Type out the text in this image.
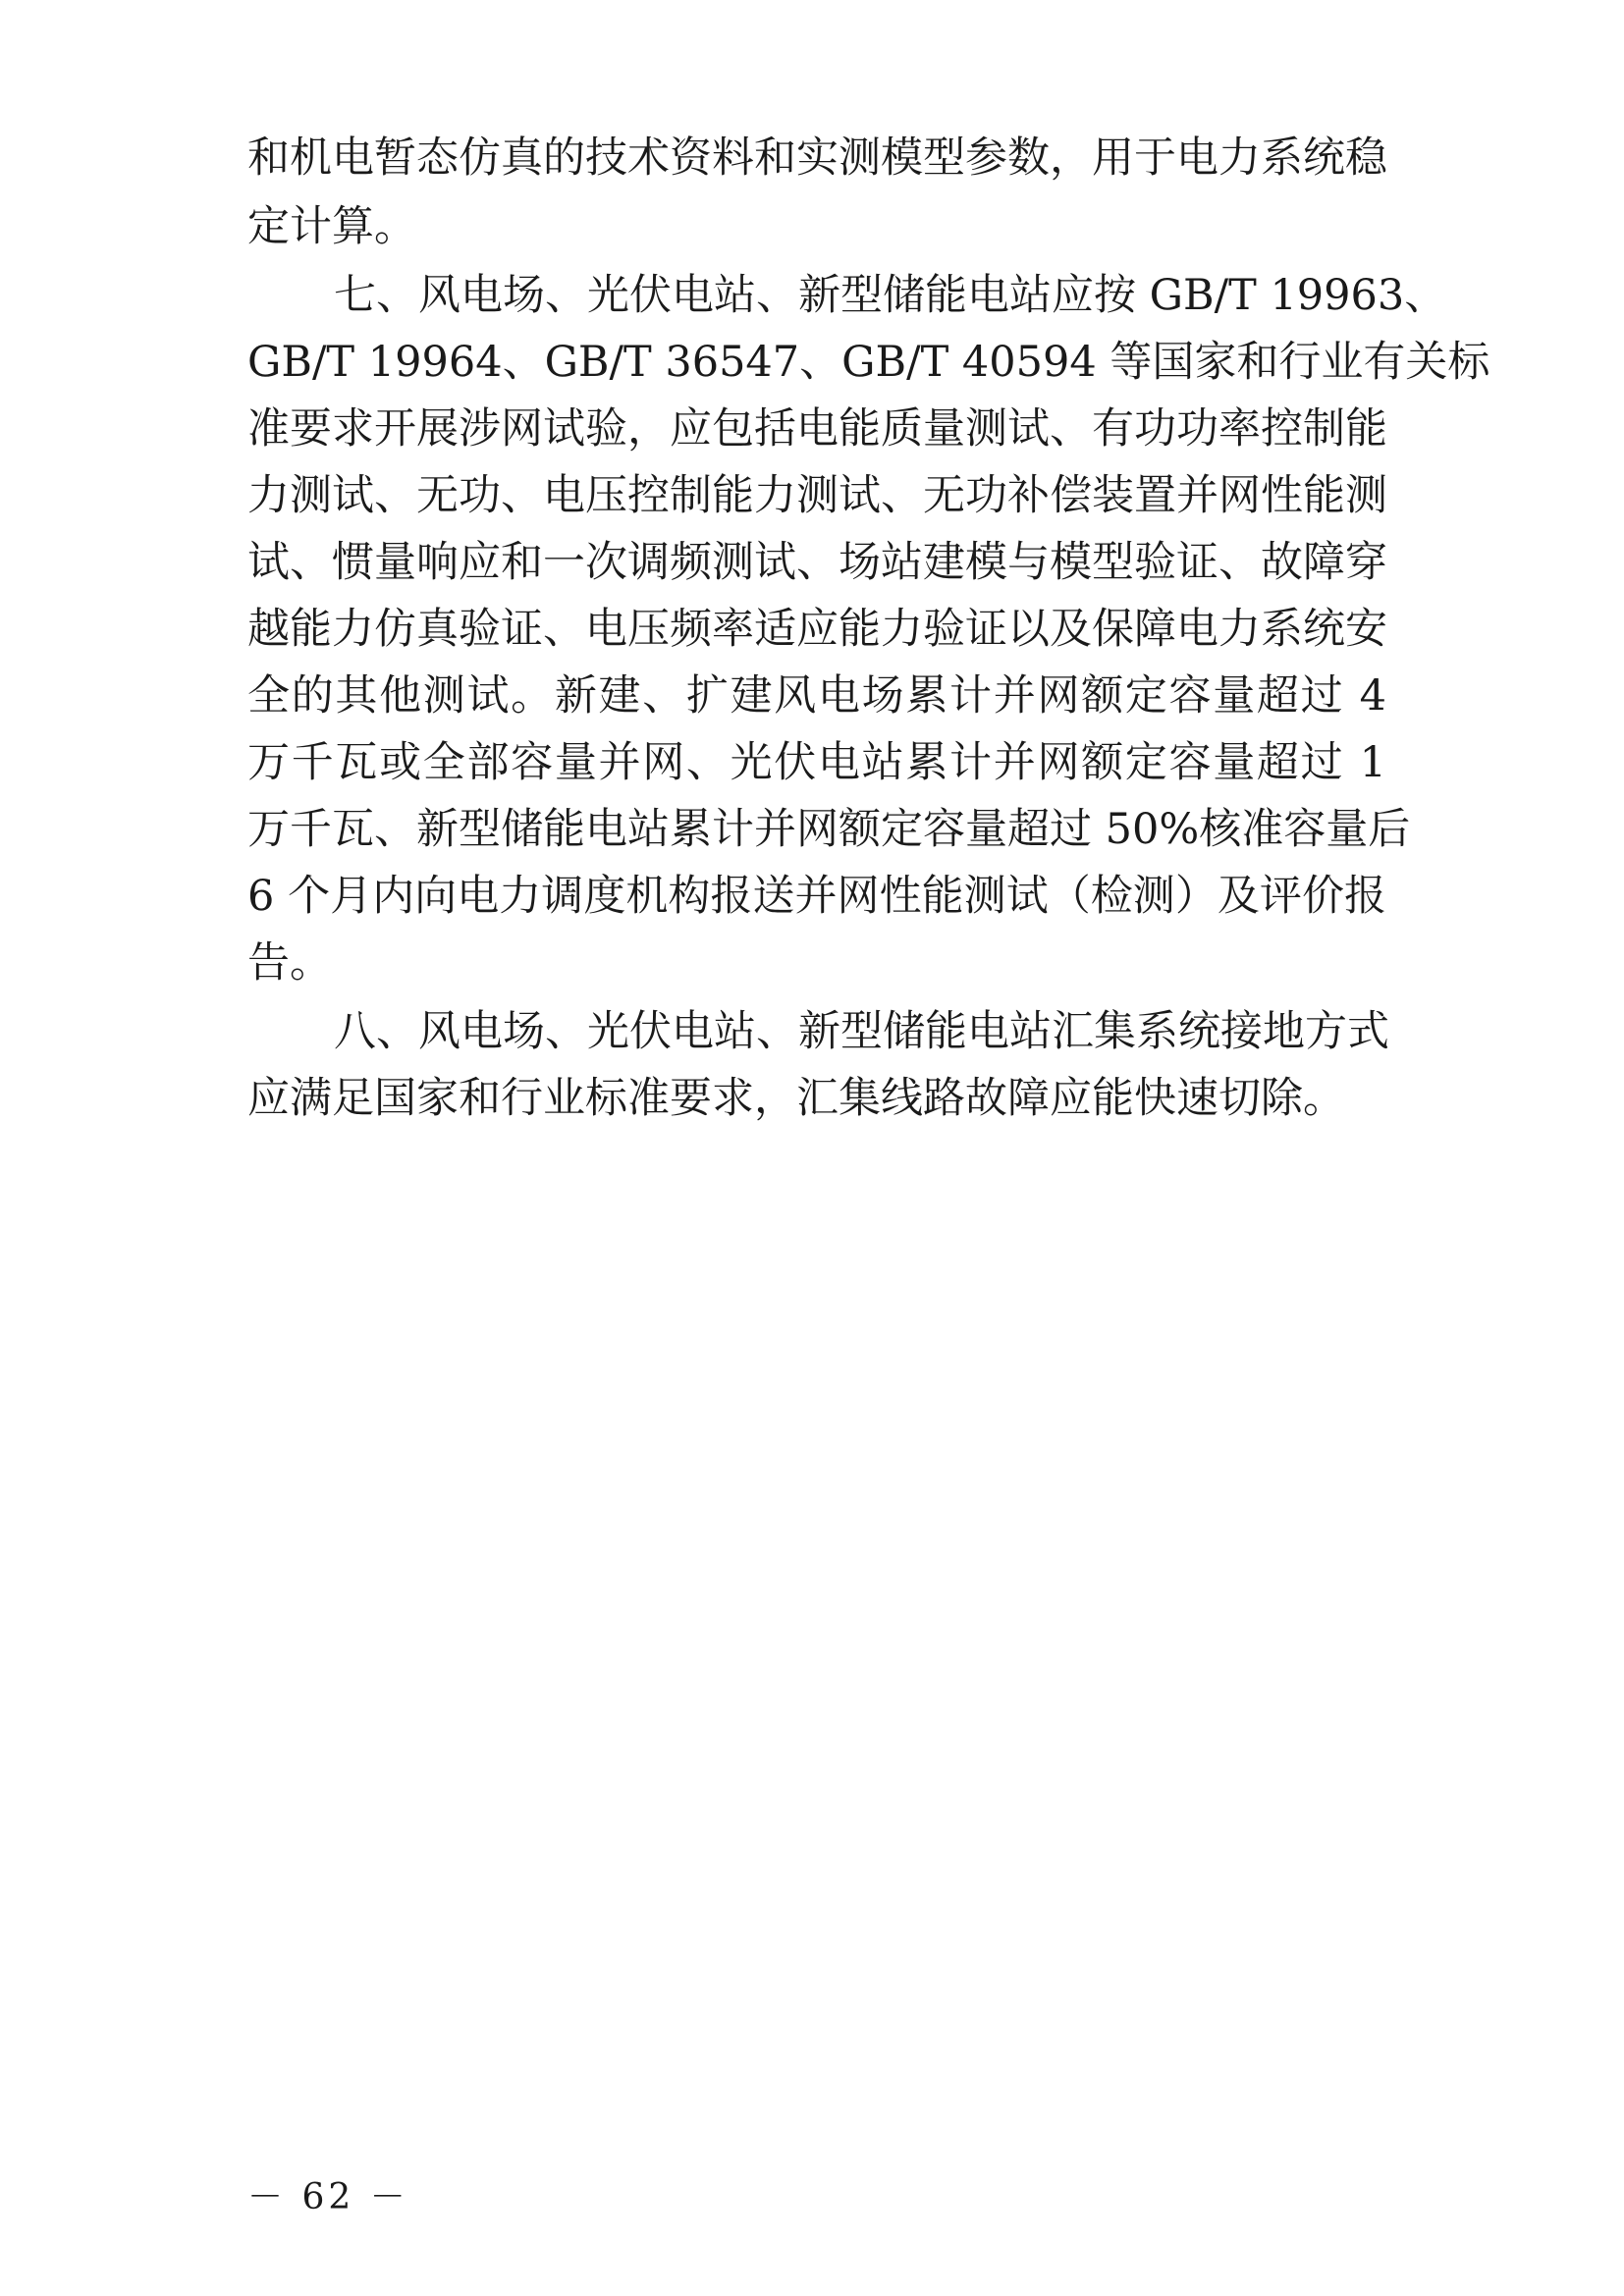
和机电暂态仿真的技术资料和实测模型参数，用于电力系统稳
定计算。
七、风电场、光伏电站、新型储能电站应按 GB/T 19963、
GB/T 19964、GB/T 36547、GB/T 40594 等国家和行业有关标
准要求开展涉网试验，应包括电能质量测试、有功功率控制能
力测试、无功、电压控制能力测试、无功补偿装置并网性能测
试、惯量响应和一次调频测试、场站建模与模型验证、故障穿
越能力仿真验证、电压频率适应能力验证以及保障电力系统安
全的其他测试。新建、扩建风电场累计并网额定容量超过 4
万千瓦或全部容量并网、光伏电站累计并网额定容量超过 1
万千瓦、新型储能电站累计并网额定容量超过 50%核准容量后
6 个月内向电力调度机构报送并网性能测试（检测）及评价报
告。
八、风电场、光伏电站、新型储能电站汇集系统接地方式
应满足国家和行业标准要求，汇集线路故障应能快速切除。
－ 62 －
